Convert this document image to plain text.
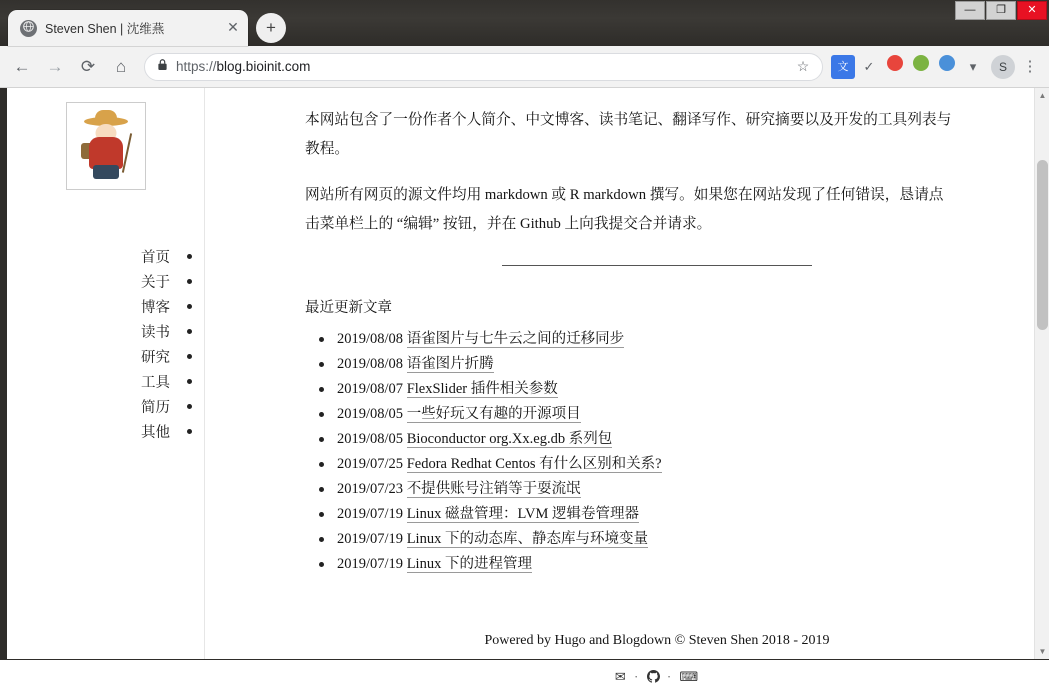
Steven Shen | 沈维燕	✕	+
—	❐	✕
← →	⟳	⌂	https://blog.bioinit.com	☆	文	✓	▾	S	⋮
首页
关于
博客
读书
研究
工具
简历
其他

本网站包含了一份作者个人简介、中文博客、读书笔记、翻译写作、研究摘要以及开发的工具列表与教程。

网站所有网页的源文件均用 markdown 或 R markdown 撰写。如果您在网站发现了任何错误，恳请点击菜单栏上的 “编辑” 按钮，并在 Github 上向我提交合并请求。

最近更新文章
2019/08/08 语雀图片与七牛云之间的迁移同步
2019/08/08 语雀图片折腾
2019/08/07 FlexSlider 插件相关参数
2019/08/05 一些好玩又有趣的开源项目
2019/08/05 Bioconductor org.Xx.eg.db 系列包
2019/07/25 Fedora Redhat Centos 有什么区别和关系?
2019/07/23 不提供账号注销等于耍流氓
2019/07/19 Linux 磁盘管理：LVM 逻辑卷管理器
2019/07/19 Linux 下的动态库、静态库与环境变量
2019/07/19 Linux 下的进程管理
Powered by Hugo and Blogdown © Steven Shen 2018 - 2019
✉ · · ⌨
▲
▼
